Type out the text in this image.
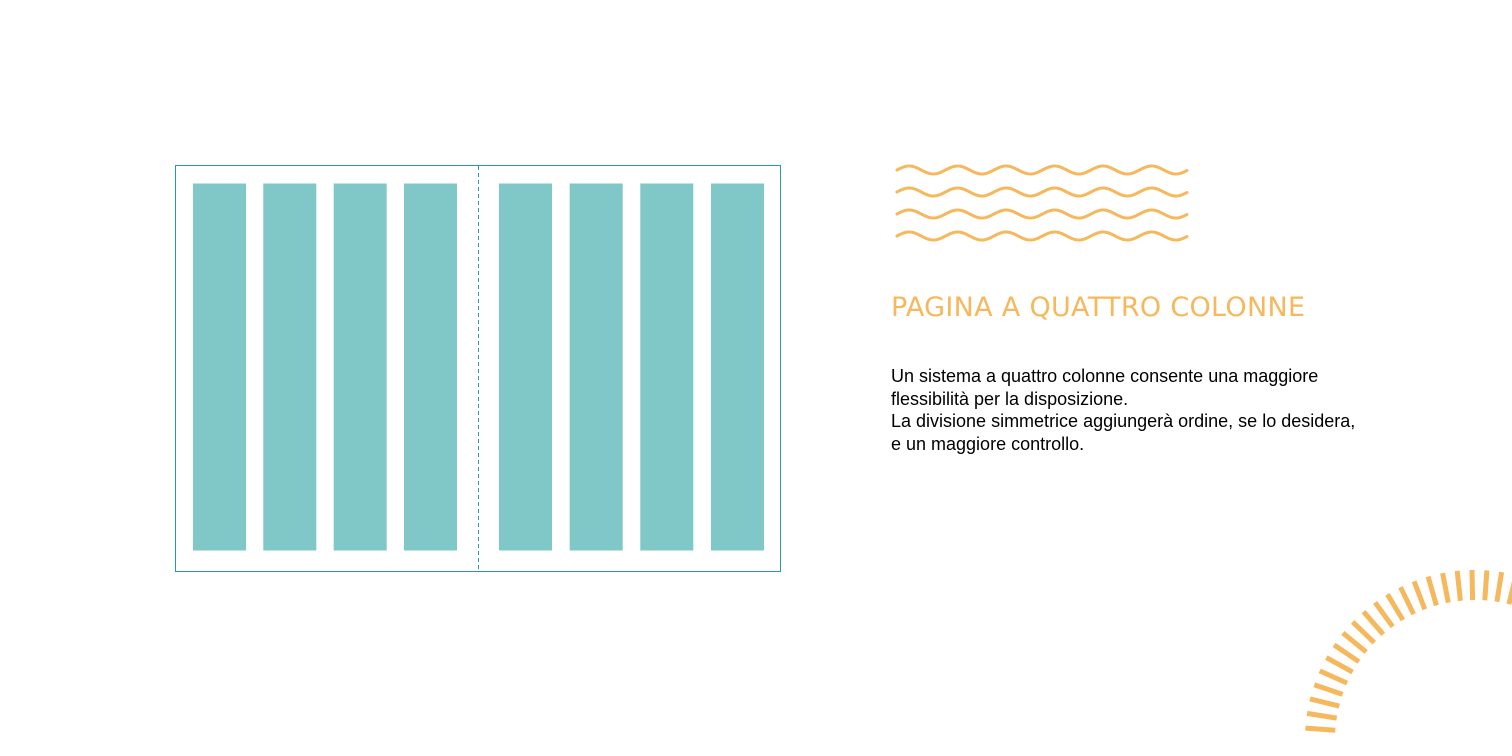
PAGINA A QUATTRO COLONNE

Un sistema a quattro colonne consente una maggiore flessibilità per la disposizione.

La divisione simmetrice aggiungerà ordine, se lo desidera, e un maggiore controllo.
